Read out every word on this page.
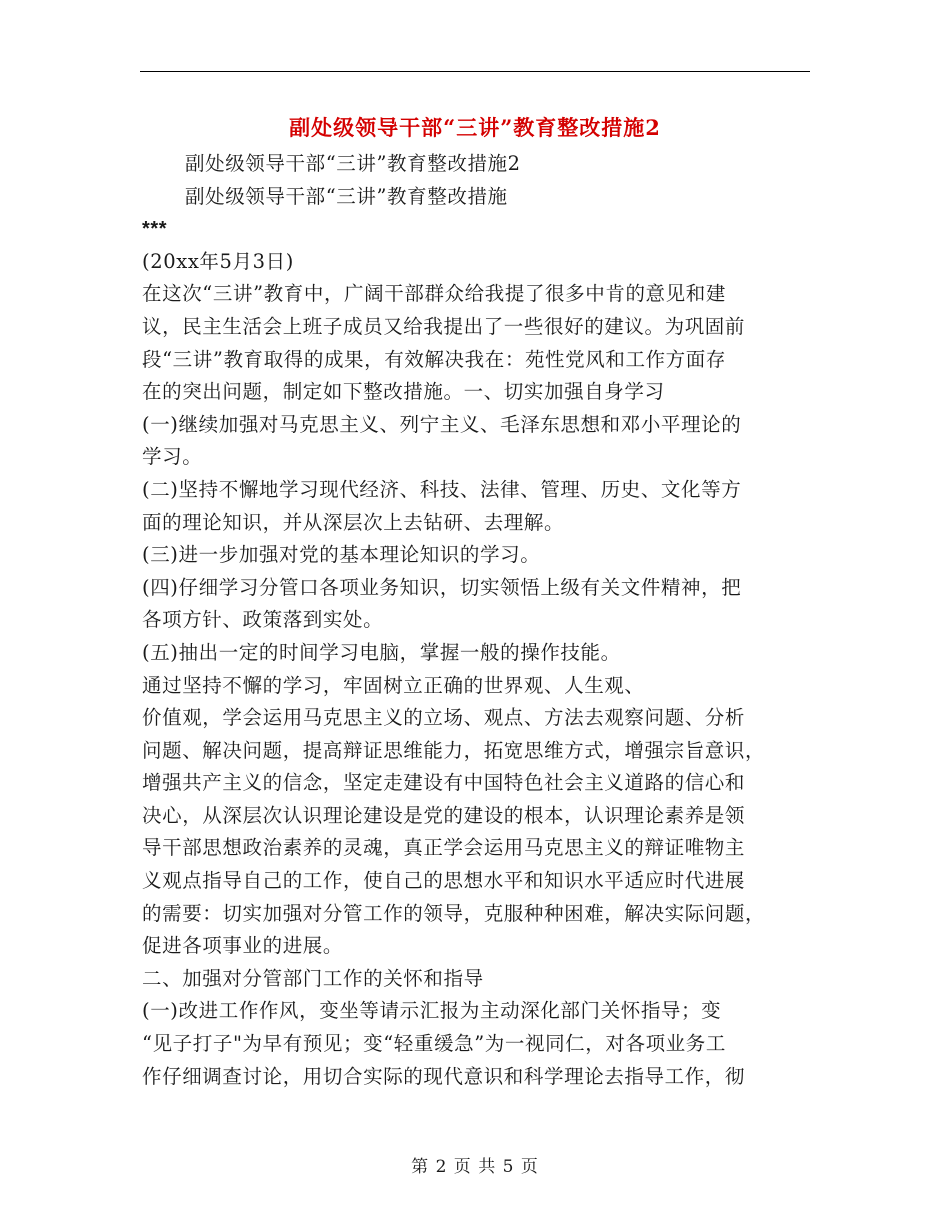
副处级领导干部“三讲”教育整改措施2
副处级领导干部“三讲”教育整改措施2
副处级领导干部“三讲”教育整改措施
***
(20xx年5月3日)
在这次“三讲”教育中，广阔干部群众给我提了很多中肯的意见和建
议，民主生活会上班子成员又给我提出了一些很好的建议。为巩固前
段“三讲”教育取得的成果，有效解决我在：苑性党风和工作方面存
在的突出问题，制定如下整改措施。一、切实加强自身学习
(一)继续加强对马克思主义、列宁主义、毛泽东思想和邓小平理论的
学习。
(二)坚持不懈地学习现代经济、科技、法律、管理、历史、文化等方
面的理论知识，并从深层次上去钻研、去理解。
(三)进一步加强对党的基本理论知识的学习。
(四)仔细学习分管口各项业务知识，切实领悟上级有关文件精神，把
各项方针、政策落到实处。
(五)抽出一定的时间学习电脑，掌握一般的操作技能。
通过坚持不懈的学习，牢固树立正确的世界观、人生观、
价值观，学会运用马克思主义的立场、观点、方法去观察问题、分析
问题、解决问题，提高辩证思维能力，拓宽思维方式，增强宗旨意识，
增强共产主义的信念，坚定走建设有中国特色社会主义道路的信心和
决心，从深层次认识理论建设是党的建设的根本，认识理论素养是领
导干部思想政治素养的灵魂，真正学会运用马克思主义的辩证唯物主
义观点指导自己的工作，使自己的思想水平和知识水平适应时代进展
的需要：切实加强对分管工作的领导，克服种种困难，解决实际问题，
促进各项事业的进展。
二、加强对分管部门工作的关怀和指导
(一)改进工作作风，变坐等请示汇报为主动深化部门关怀指导；变
“见子打子"为早有预见；变“轻重缓急”为一视同仁，对各项业务工
作仔细调查讨论，用切合实际的现代意识和科学理论去指导工作，彻
第 2 页 共 5 页
